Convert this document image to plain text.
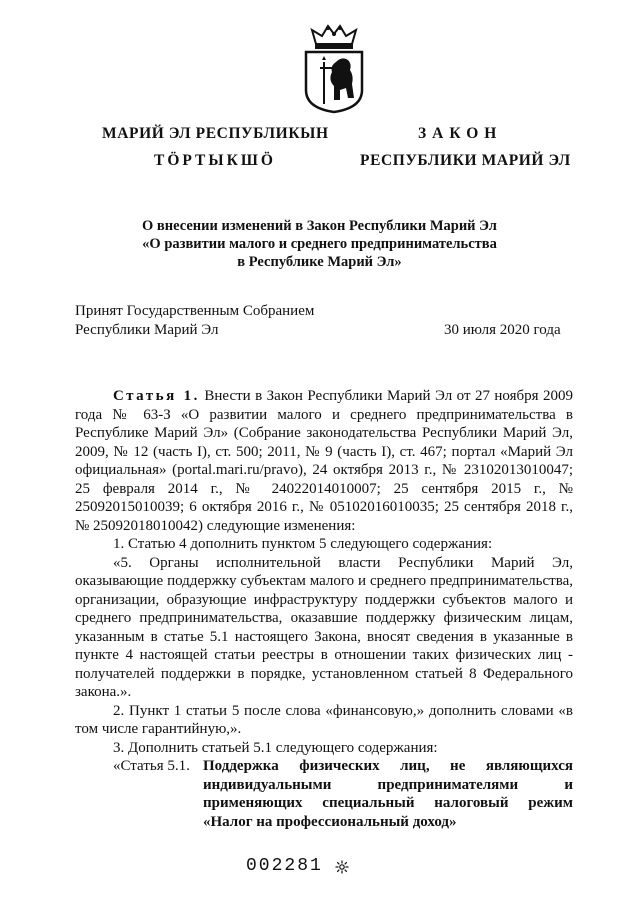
МАРИЙ ЭЛ РЕСПУБЛИКЫН
ТӦРТЫКШӦ
ЗАКОН
РЕСПУБЛИКИ МАРИЙ ЭЛ
О внесении изменений в Закон Республики Марий Эл
«О развитии малого и среднего предпринимательства
в Республике Марий Эл»
Принят Государственным Собранием
Республики Марий Эл	30 июля 2020 года

Статья 1. Внести в Закон Республики Марий Эл от 27 ноября 2009 года № 63-З «О развитии малого и среднего предпринимательства в Республике Марий Эл» (Собрание законодательства Республики Марий Эл, 2009, № 12 (часть I), ст. 500; 2011, № 9 (часть I), ст. 467; портал «Марий Эл официальная» (portal.mari.ru/pravo), 24 октября 2013 г., № 23102013010047; 25 февраля 2014 г., № 24022014010007; 25 сентября 2015 г., № 25092015010039; 6 октября 2016 г., № 05102016010035; 25 сентября 2018 г., № 25092018010042) следующие изменения:

1. Статью 4 дополнить пунктом 5 следующего содержания:

«5. Органы исполнительной власти Республики Марий Эл, оказывающие поддержку субъектам малого и среднего предпринимательства, организации, образующие инфраструктуру поддержки субъектов малого и среднего предпринимательства, оказавшие поддержку физическим лицам, указанным в статье 5.1 настоящего Закона, вносят сведения в указанные в пункте 4 настоящей статьи реестры в отношении таких физических лиц - получателей поддержки в порядке, установленном статьей 8 Федерального закона.».

2. Пункт 1 статьи 5 после слова «финансовую,» дополнить словами «в том числе гарантийную,».

3. Дополнить статьей 5.1 следующего содержания:

«Статья 5.1. Поддержка физических лиц, не являющихся индивидуальными предпринимателями и применяющих специальный налоговый режим «Налог на профессиональный доход»
002281
